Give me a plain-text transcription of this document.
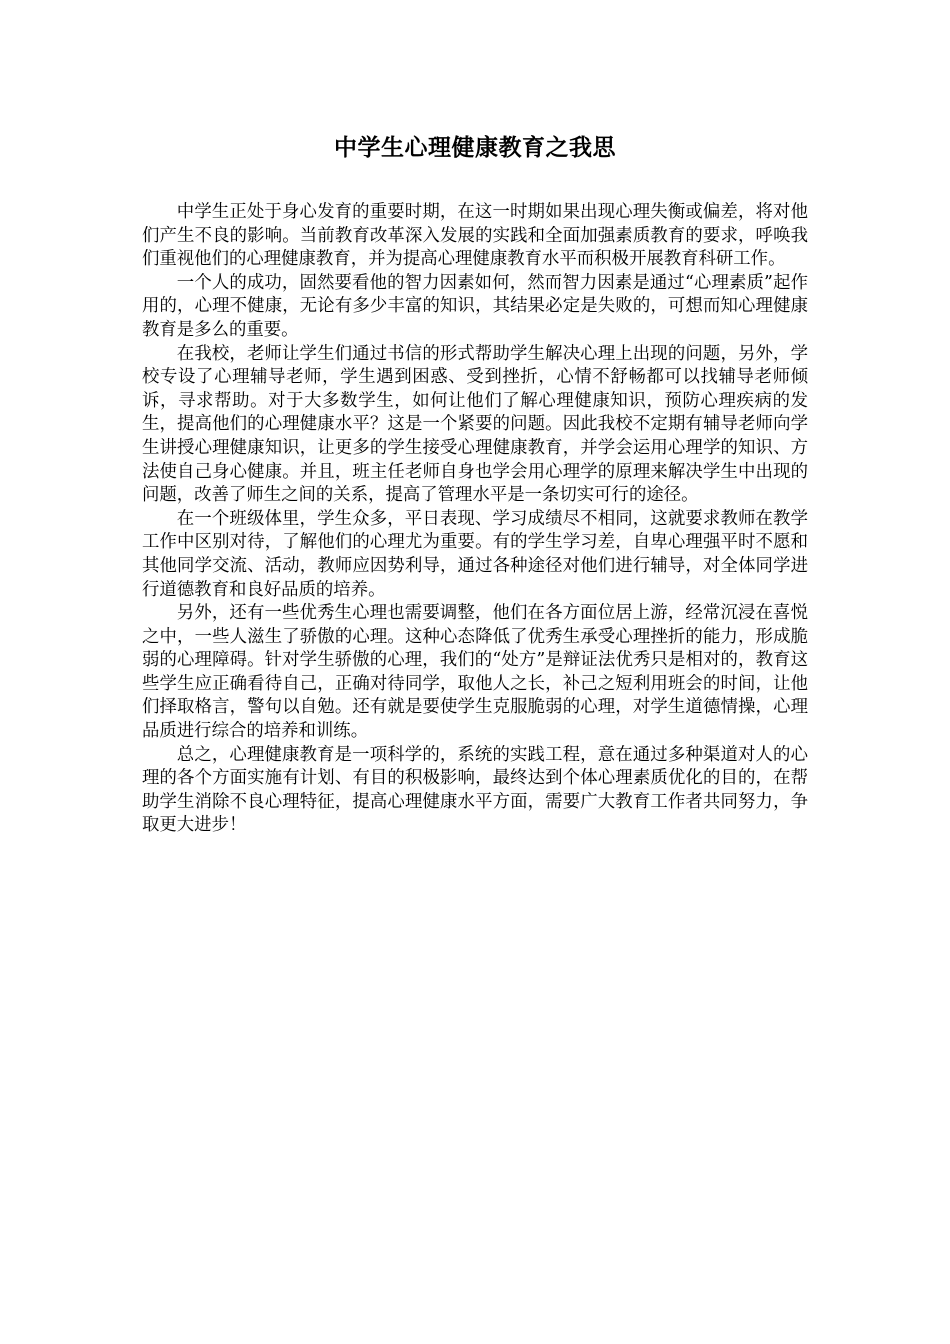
中学生心理健康教育之我思

中学生正处于身心发育的重要时期，在这一时期如果出现心理失衡或偏差，将对他们产生不良的影响。当前教育改革深入发展的实践和全面加强素质教育的要求，呼唤我们重视他们的心理健康教育，并为提高心理健康教育水平而积极开展教育科研工作。

一个人的成功，固然要看他的智力因素如何，然而智力因素是通过“心理素质”起作用的，心理不健康，无论有多少丰富的知识，其结果必定是失败的，可想而知心理健康教育是多么的重要。

在我校，老师让学生们通过书信的形式帮助学生解决心理上出现的问题，另外，学校专设了心理辅导老师，学生遇到困惑、受到挫折，心情不舒畅都可以找辅导老师倾诉，寻求帮助。对于大多数学生，如何让他们了解心理健康知识，预防心理疾病的发生，提高他们的心理健康水平？这是一个紧要的问题。因此我校不定期有辅导老师向学生讲授心理健康知识，让更多的学生接受心理健康教育，并学会运用心理学的知识、方法使自己身心健康。并且，班主任老师自身也学会用心理学的原理来解决学生中出现的问题，改善了师生之间的关系，提高了管理水平是一条切实可行的途径。

在一个班级体里，学生众多，平日表现、学习成绩尽不相同，这就要求教师在教学工作中区别对待，了解他们的心理尤为重要。有的学生学习差，自卑心理强平时不愿和其他同学交流、活动，教师应因势利导，通过各种途径对他们进行辅导，对全体同学进行道德教育和良好品质的培养。

另外，还有一些优秀生心理也需要调整，他们在各方面位居上游，经常沉浸在喜悦之中，一些人滋生了骄傲的心理。这种心态降低了优秀生承受心理挫折的能力，形成脆弱的心理障碍。针对学生骄傲的心理，我们的“处方”是辩证法优秀只是相对的，教育这些学生应正确看待自己，正确对待同学，取他人之长，补己之短利用班会的时间，让他们择取格言，警句以自勉。还有就是要使学生克服脆弱的心理，对学生道德情操，心理品质进行综合的培养和训练。

总之，心理健康教育是一项科学的，系统的实践工程，意在通过多种渠道对人的心理的各个方面实施有计划、有目的积极影响，最终达到个体心理素质优化的目的，在帮助学生消除不良心理特征，提高心理健康水平方面，需要广大教育工作者共同努力，争取更大进步！
